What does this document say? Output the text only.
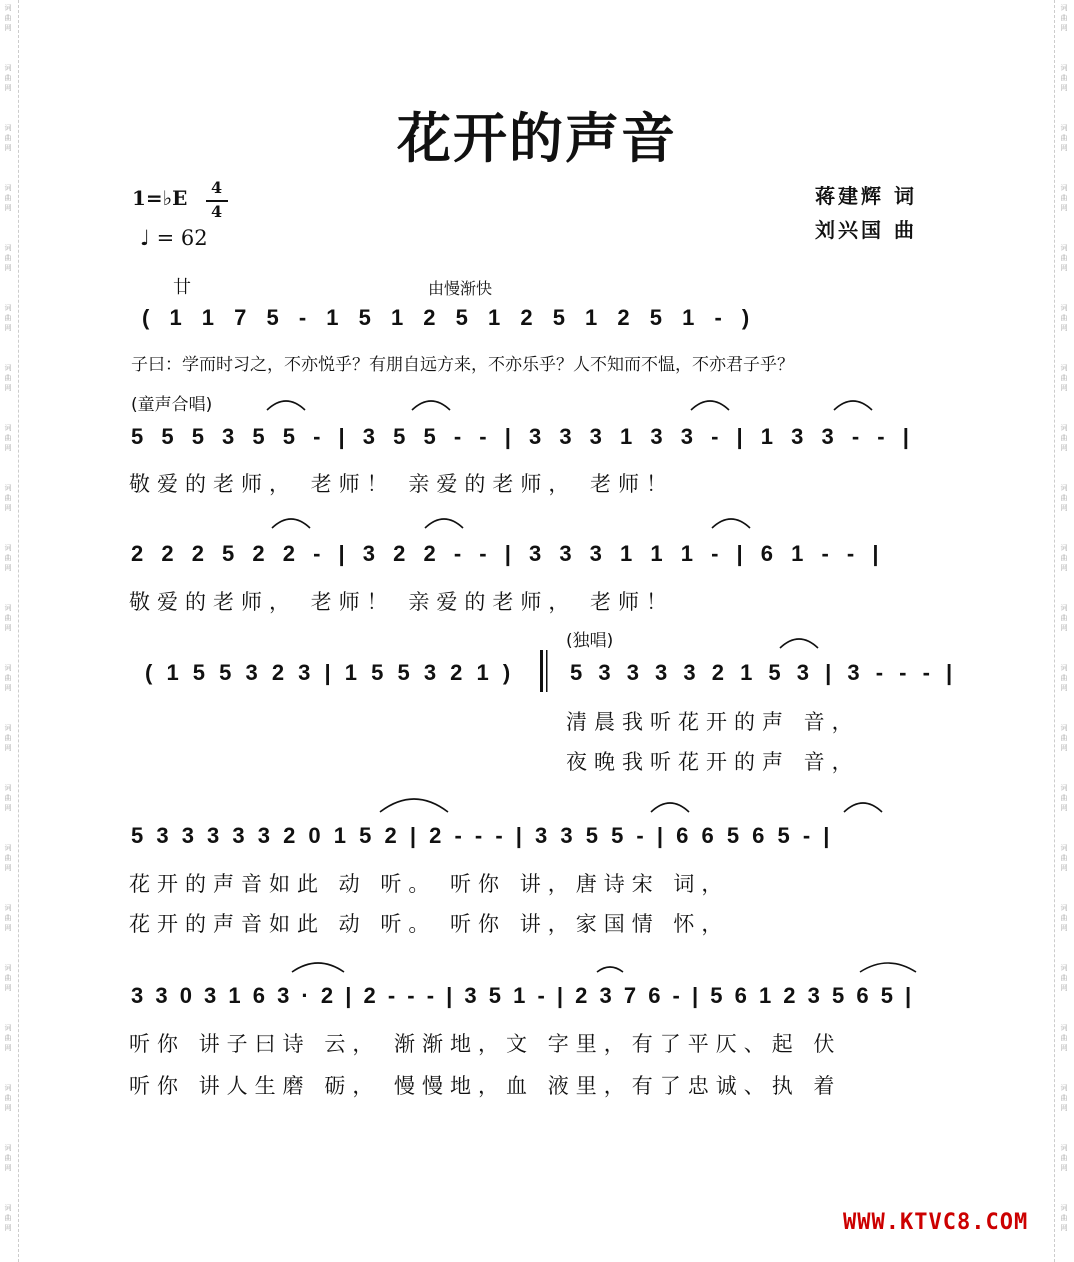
词
曲
网
词
曲
网
词
曲
网
词
曲
网
词
曲
网
词
曲
网
词
曲
网
词
曲
网
词
曲
网
词
曲
网
词
曲
网
词
曲
网
词
曲
网
词
曲
网
词
曲
网
词
曲
网
词
曲
网
词
曲
网
词
曲
网
词
曲
网
词
曲
网
词
曲
网
词
曲
网
词
曲
网
词
曲
网
词
曲
网
词
曲
网
词
曲
网
词
曲
网
词
曲
网
词
曲
网
词
曲
网
词
曲
网
词
曲
网
词
曲
网
词
曲
网
词
曲
网
词
曲
网
词
曲
网
词
曲
网
词
曲
网
词
曲
网
花开的声音
1=♭E 4
4
♩ = 62
蒋建辉 词
刘兴国 曲
廿	由慢渐快
( 1 1 7 5 - 1 5 1 2 5 1 2 5 1 2 5 1 - )
子曰：学而时习之，不亦悦乎？有朋自远方来，不亦乐乎？人不知而不愠，不亦君子乎？
(童声合唱)
5 5 5 3 5 5 - | 3 5 5 - - | 3 3 3 1 3 3 - | 1 3 3 - - |
敬爱的老师， 老师！ 亲爱的老师， 老师！
2 2 2 5 2 2 - | 3 2 2 - - | 3 3 3 1 1 1 - | 6 1 - - |
敬爱的老师， 老师！ 亲爱的老师， 老师！
(独唱)
( 1 5 5 3 2 3 | 1 5 5 3 2 1 )	5 3 3 3 3 2 1 5 3 | 3 - - - |
清晨我听花开的声 音，
夜晚我听花开的声 音，
5 3 3 3 3 3 2 0 1 5 2 | 2 - - - | 3 3 5 5 - | 6 6 5 6 5 - |
花开的声音如此 动 听。 听你 讲，唐诗宋 词，
花开的声音如此 动 听。 听你 讲，家国情 怀，
3 3 0 3 1 6 3 · 2 | 2 - - - | 3 5 1 - | 2 3 7 6 - | 5 6 1 2 3 5 6 5 |
听你 讲子曰诗 云， 渐渐地，文 字里，有了平仄、起 伏
听你 讲人生磨 砺， 慢慢地，血 液里，有了忠诚、执 着
WWW.KTVC8.COM
